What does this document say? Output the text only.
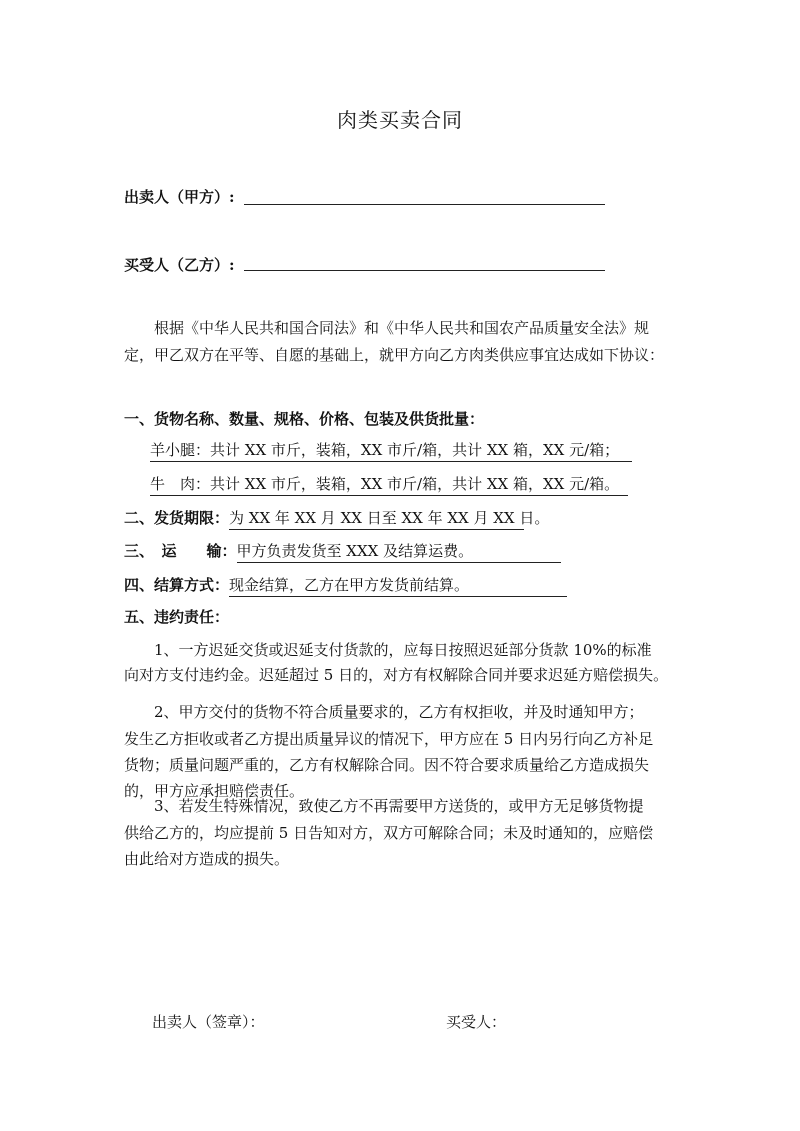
肉类买卖合同
出卖人（甲方）:
买受人（乙方）:
根据《中华人民共和国合同法》和《中华人民共和国农产品质量安全法》规
定，甲乙双方在平等、自愿的基础上，就甲方向乙方肉类供应事宜达成如下协议：
一、货物名称、数量、规格、价格、包装及供货批量：
羊小腿：共计 XX 市斤，装箱，XX 市斤/箱，共计 XX 箱，XX 元/箱；
牛　肉：共计 XX 市斤，装箱，XX 市斤/箱，共计 XX 箱，XX 元/箱。
二、发货期限：为 XX 年 XX 月 XX 日至 XX 年 XX 月 XX 日。
三、　运　　输：甲方负责发货至 XXX 及结算运费。
四、结算方式：现金结算，乙方在甲方发货前结算。
五、违约责任：
1、一方迟延交货或迟延支付货款的，应每日按照迟延部分货款 10%的标准
向对方支付违约金。迟延超过 5 日的，对方有权解除合同并要求迟延方赔偿损失。
2、甲方交付的货物不符合质量要求的，乙方有权拒收，并及时通知甲方；
发生乙方拒收或者乙方提出质量异议的情况下，甲方应在 5 日内另行向乙方补足
货物；质量问题严重的，乙方有权解除合同。因不符合要求质量给乙方造成损失
的，甲方应承担赔偿责任。
3、若发生特殊情况，致使乙方不再需要甲方送货的，或甲方无足够货物提
供给乙方的，均应提前 5 日告知对方，双方可解除合同；未及时通知的，应赔偿
由此给对方造成的损失。
出卖人（签章）：	买受人：
